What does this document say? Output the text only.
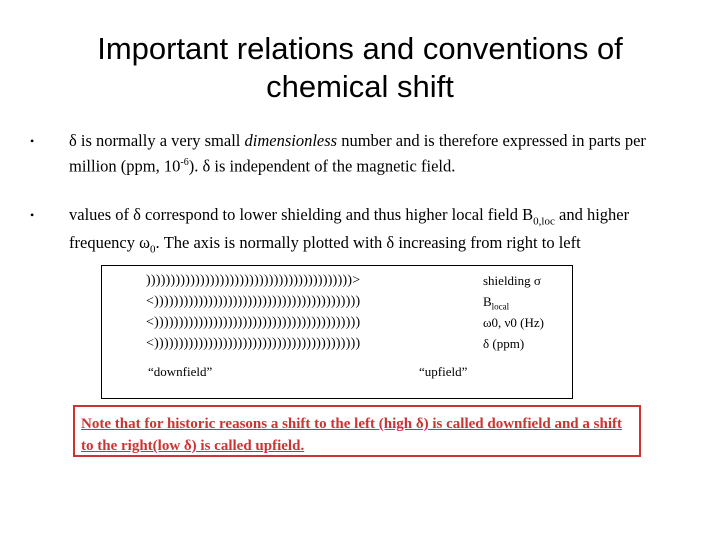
Important relations and conventions of chemical shift
• δ is normally a very small dimensionless number and is therefore expressed in parts per million (ppm, $10^{-6}$). δ is independent of the magnetic field.
• values of δ correspond to lower shielding and thus higher local field $B_{0,loc}$ and higher frequency $\omega_0$. The axis is normally plotted with δ increasing from right to left
))))))))))))))))))))))))))))))))))))))))))>	shielding σ
<))))))))))))))))))))))))))))))))))))))))))	$B_{local}$
<))))))))))))))))))))))))))))))))))))))))))	ω0, ν0 (Hz)
<))))))))))))))))))))))))))))))))))))))))))	δ (ppm)
“downfield”	“upfield”
Note that for historic reasons a shift to the left (high δ) is called downfield and a shift to the right(low δ) is called upfield.
